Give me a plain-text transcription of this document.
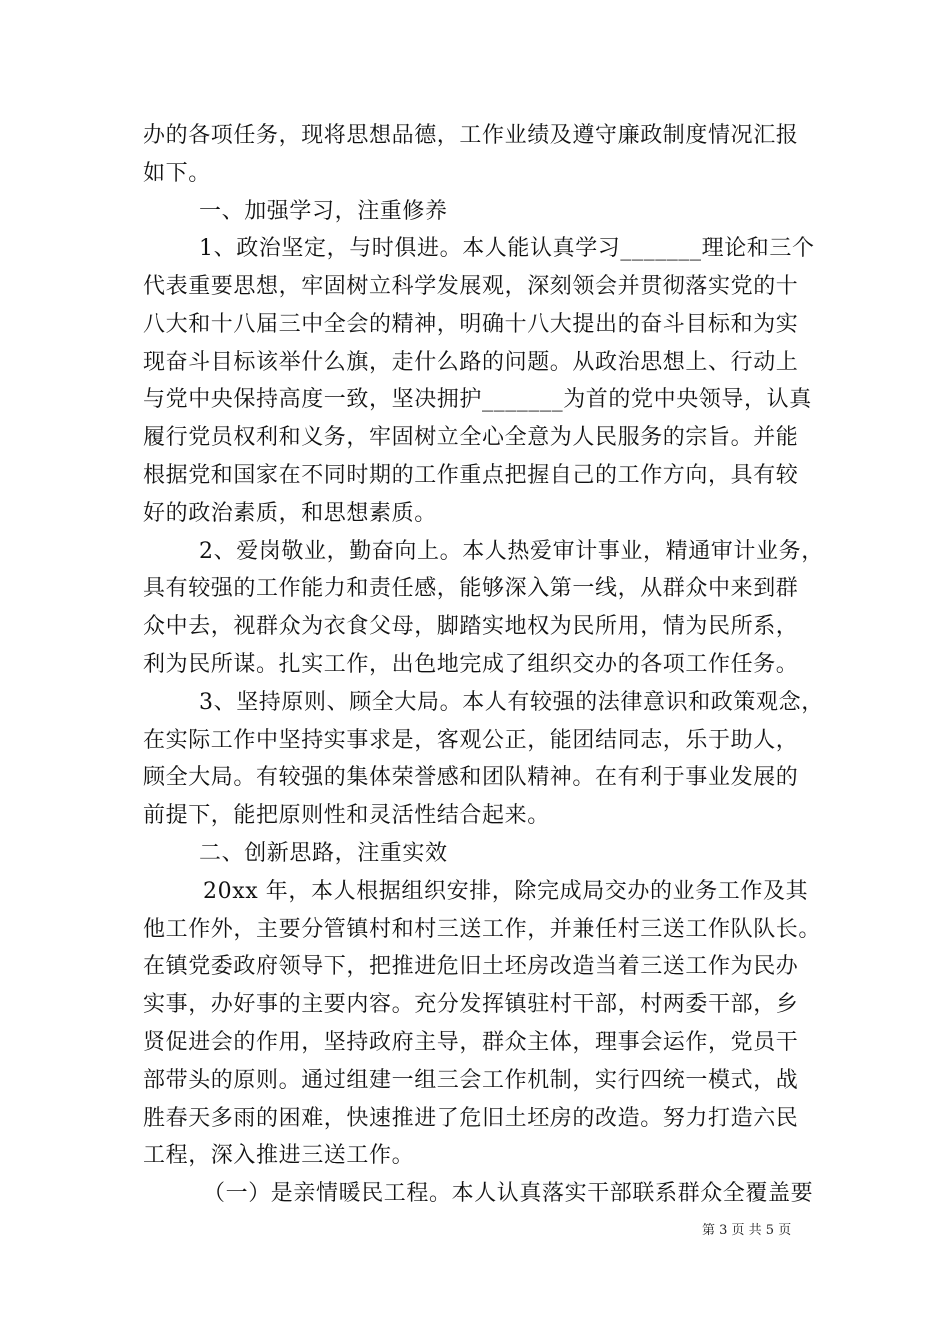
办的各项任务，现将思想品德，工作业绩及遵守廉政制度情况汇报
如下。
一、加强学习，注重修养
1、政治坚定，与时俱进。本人能认真学习_______理论和三个
代表重要思想，牢固树立科学发展观，深刻领会并贯彻落实党的十
八大和十八届三中全会的精神，明确十八大提出的奋斗目标和为实
现奋斗目标该举什么旗，走什么路的问题。从政治思想上、行动上
与党中央保持高度一致，坚决拥护_______为首的党中央领导，认真
履行党员权利和义务，牢固树立全心全意为人民服务的宗旨。并能
根据党和国家在不同时期的工作重点把握自己的工作方向，具有较
好的政治素质，和思想素质。
2、爱岗敬业，勤奋向上。本人热爱审计事业，精通审计业务，
具有较强的工作能力和责任感，能够深入第一线，从群众中来到群
众中去，视群众为衣食父母，脚踏实地权为民所用，情为民所系，
利为民所谋。扎实工作，出色地完成了组织交办的各项工作任务。
3、坚持原则、顾全大局。本人有较强的法律意识和政策观念，
在实际工作中坚持实事求是，客观公正，能团结同志，乐于助人，
顾全大局。有较强的集体荣誉感和团队精神。在有利于事业发展的
前提下，能把原则性和灵活性结合起来。
二、创新思路，注重实效
20xx 年，本人根据组织安排，除完成局交办的业务工作及其
他工作外，主要分管镇村和村三送工作，并兼任村三送工作队队长。
在镇党委政府领导下，把推进危旧土坯房改造当着三送工作为民办
实事，办好事的主要内容。充分发挥镇驻村干部，村两委干部，乡
贤促进会的作用，坚持政府主导，群众主体，理事会运作，党员干
部带头的原则。通过组建一组三会工作机制，实行四统一模式，战
胜春天多雨的困难，快速推进了危旧土坯房的改造。努力打造六民
工程，深入推进三送工作。
（一）是亲情暖民工程。本人认真落实干部联系群众全覆盖要
第 3 页 共 5 页
